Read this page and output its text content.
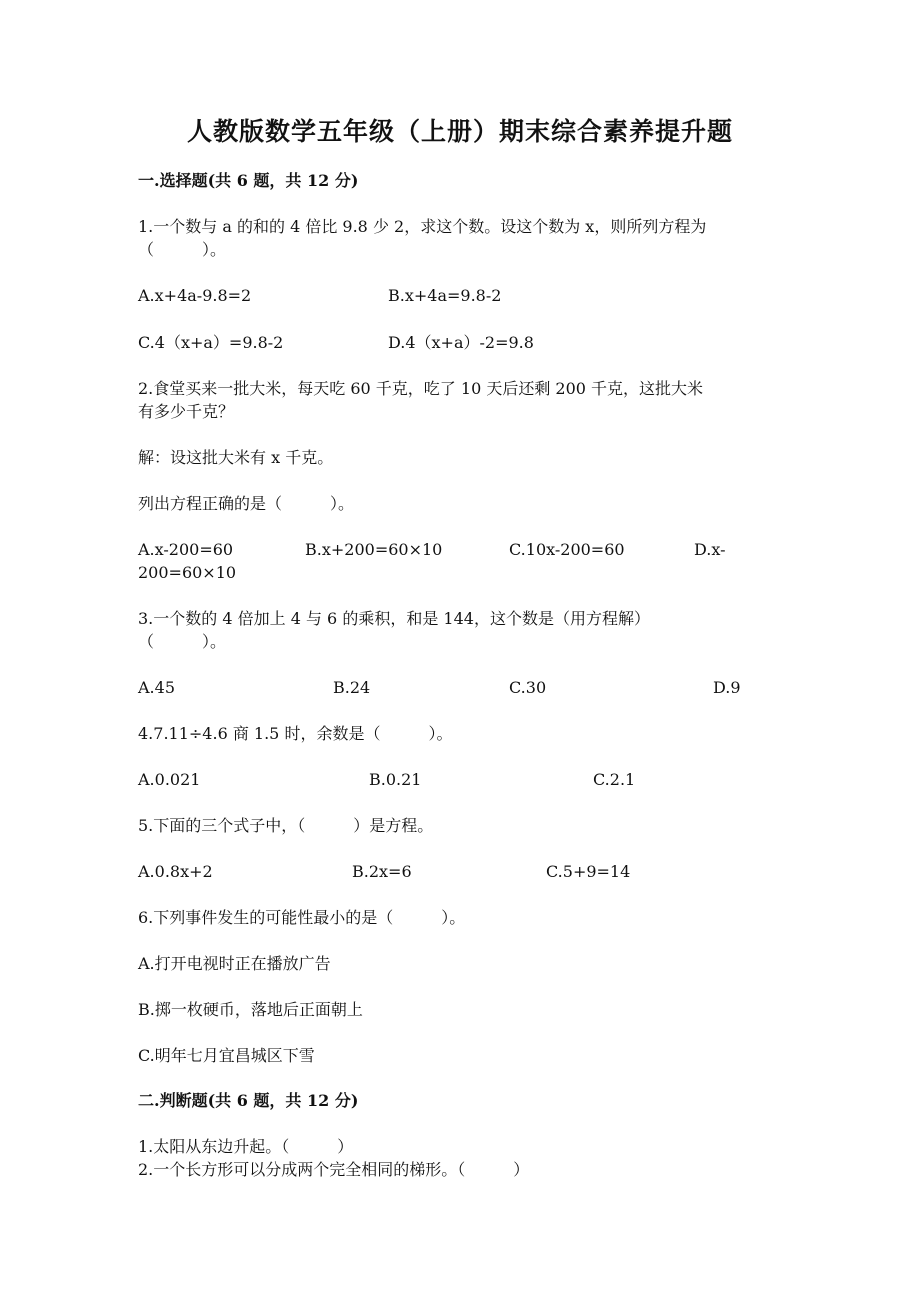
人教版数学五年级（上册）期末综合素养提升题
一.选择题(共 6 题，共 12 分)
1.一个数与 a 的和的 4 倍比 9.8 少 2，求这个数。设这个数为 x，则所列方程为
（　　　）。
A.x+4a-9.8=2	B.x+4a=9.8-2
C.4（x+a）=9.8-2	D.4（x+a）-2=9.8
2.食堂买来一批大米，每天吃 60 千克，吃了 10 天后还剩 200 千克，这批大米
有多少千克？
解：设这批大米有 x 千克。
列出方程正确的是（　　　）。
A.x-200=60	B.x+200=60×10	C.10x-200=60	D.x-
200=60×10
3.一个数的 4 倍加上 4 与 6 的乘积，和是 144，这个数是（用方程解）
（　　　）。
A.45	B.24	C.30	D.9
4.7.11÷4.6 商 1.5 时，余数是（　　　）。
A.0.021	B.0.21	C.2.1
5.下面的三个式子中，（　　　）是方程。
A.0.8x+2	B.2x=6	C.5+9=14
6.下列事件发生的可能性最小的是（　　　）。
A.打开电视时正在播放广告
B.掷一枚硬币，落地后正面朝上
C.明年七月宜昌城区下雪
二.判断题(共 6 题，共 12 分)
1.太阳从东边升起。（　　　）
2.一个长方形可以分成两个完全相同的梯形。（　　　）
